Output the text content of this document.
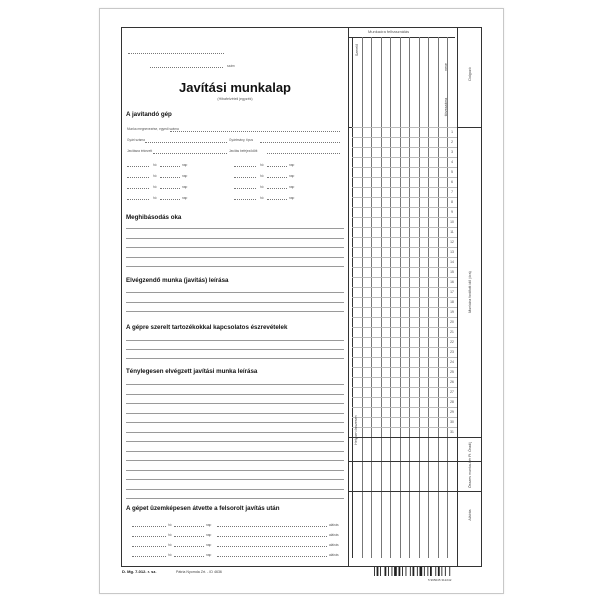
szám
Javítási munkalap
(Hibafelvételi jegyzék)
A javítandó gép
Munka megnevezése, egyedi száma
Gyári száma	Gyártmány, típus
Javításra érkezett	Javítás befejeződött
hó	nap	hó	nap
hó	nap	hó	nap
hó	nap	hó	nap
hó	nap	hó	nap
Meghibásodás oka
Elvégzendő munka (javítás) leírása
A gépre szerelt tartozékokkal kapcsolatos észrevételek
Ténylegesen elvégzett javítási munka leírása
A gépet üzemképesen átvette a felsorolt javítás után
hó	nap	aláírás
hó	nap	aláírás
hó	nap	aláírás
hó	nap	aláírás
Munkaóra felhasználás
Szerelő
neve
törzsszáma
1
2
3
4
5
6
7
8
9
10
11
12
13
14
15
16
17
18
19
20
21
22
23
24
25
26
27
28
29
30
31
Helyben összesen
Dolgozó
Munkára fordított idő (óra)
Óradíj
Összes munka-bér Ft
Aláírás
D. Mg. 7-012. r. sz.	Pátria Nyomda Zrt. - ID 4636
5 995045 312242
